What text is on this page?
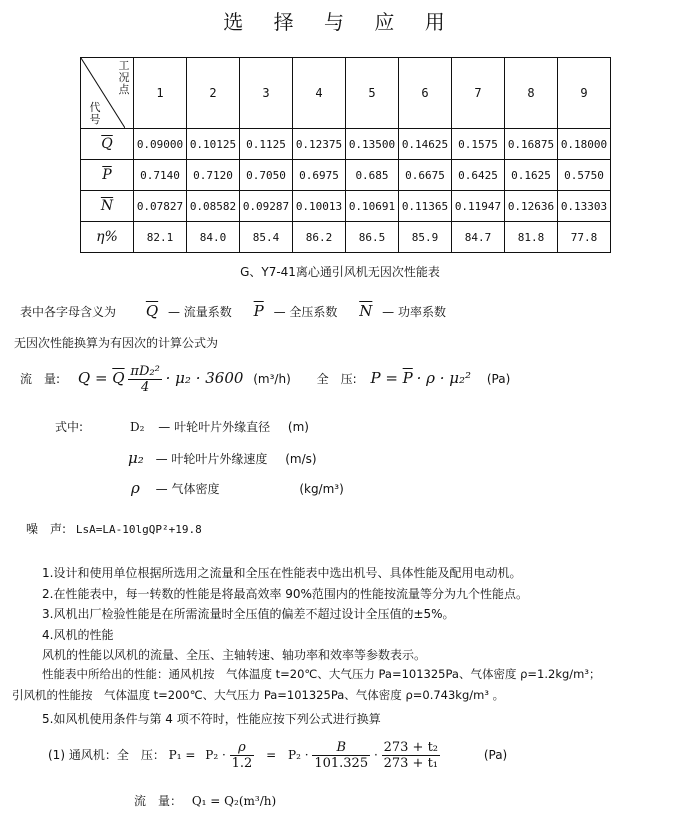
选 择 与 应 用
工况点
代号	1	2	3	4	5	6	7	8	9
$\overline{Q}$	0.09000	0.10125	0.1125	0.12375	0.13500	0.14625	0.1575	0.16875	0.18000
$\overline{P}$	0.7140	0.7120	0.7050	0.6975	0.685	0.6675	0.6425	0.1625	0.5750
$\overline{N}$	0.07827	0.08582	0.09287	0.10013	0.10691	0.11365	0.11947	0.12636	0.13303
η%	82.1	84.0	85.4	86.2	86.5	85.9	84.7	81.8	77.8
G、Y7-41离心通引风机无因次性能表
表中各字母含义为 $\overline{Q}$ — 流量系数 $\overline{P}$ — 全压系数 $\overline{N}$ — 功率系数
无因次性能换算为有因次的计算公式为
流　量: $Q = \overline{Q} \frac{\text{πD₂²}}{4} \cdot \mu_2 \cdot 3600$ (m³/h) 全　压: $P = \overline{P} \cdot \rho \cdot \mu_2^2$ (Pa)
式中:	D₂ — 叶轮叶片外缘直径 (m)
μ₂ — 叶轮叶片外缘速度 (m/s)
ρ — 气体密度	(kg/m³)
噪　声: LsA=LA-10lgQP²+19.8
1.设计和使用单位根据所选用之流量和全压在性能表中选出机号、具体性能及配用电动机。
2.在性能表中，每一转数的性能是将最高效率 90%范围内的性能按流量等分为九个性能点。
3.风机出厂检验性能是在所需流量时全压值的偏差不超过设计全压值的±5%。
4.风机的性能
风机的性能以风机的流量、全压、主轴转速、轴功率和效率等参数表示。
性能表中所给出的性能：通风机按　气体温度 t=20℃、大气压力 Pa=101325Pa、气体密度 ρ=1.2kg/m³；
引风机的性能按　气体温度 t=200℃、大气压力 Pa=101325Pa、气体密度 ρ=0.743kg/m³ 。
5.如风机使用条件与第 4 项不符时，性能应按下列公式进行换算
(1) 通风机：全　压： $P_1 = P_2 \cdot \frac{\rho}{1.2} = P_2 \cdot \frac{B}{101.325} \cdot \frac{\text{273 + t₂}}{\text{273 + t₁}}$	(Pa)
流　量： Q₁ = Q₂(m³/h)
